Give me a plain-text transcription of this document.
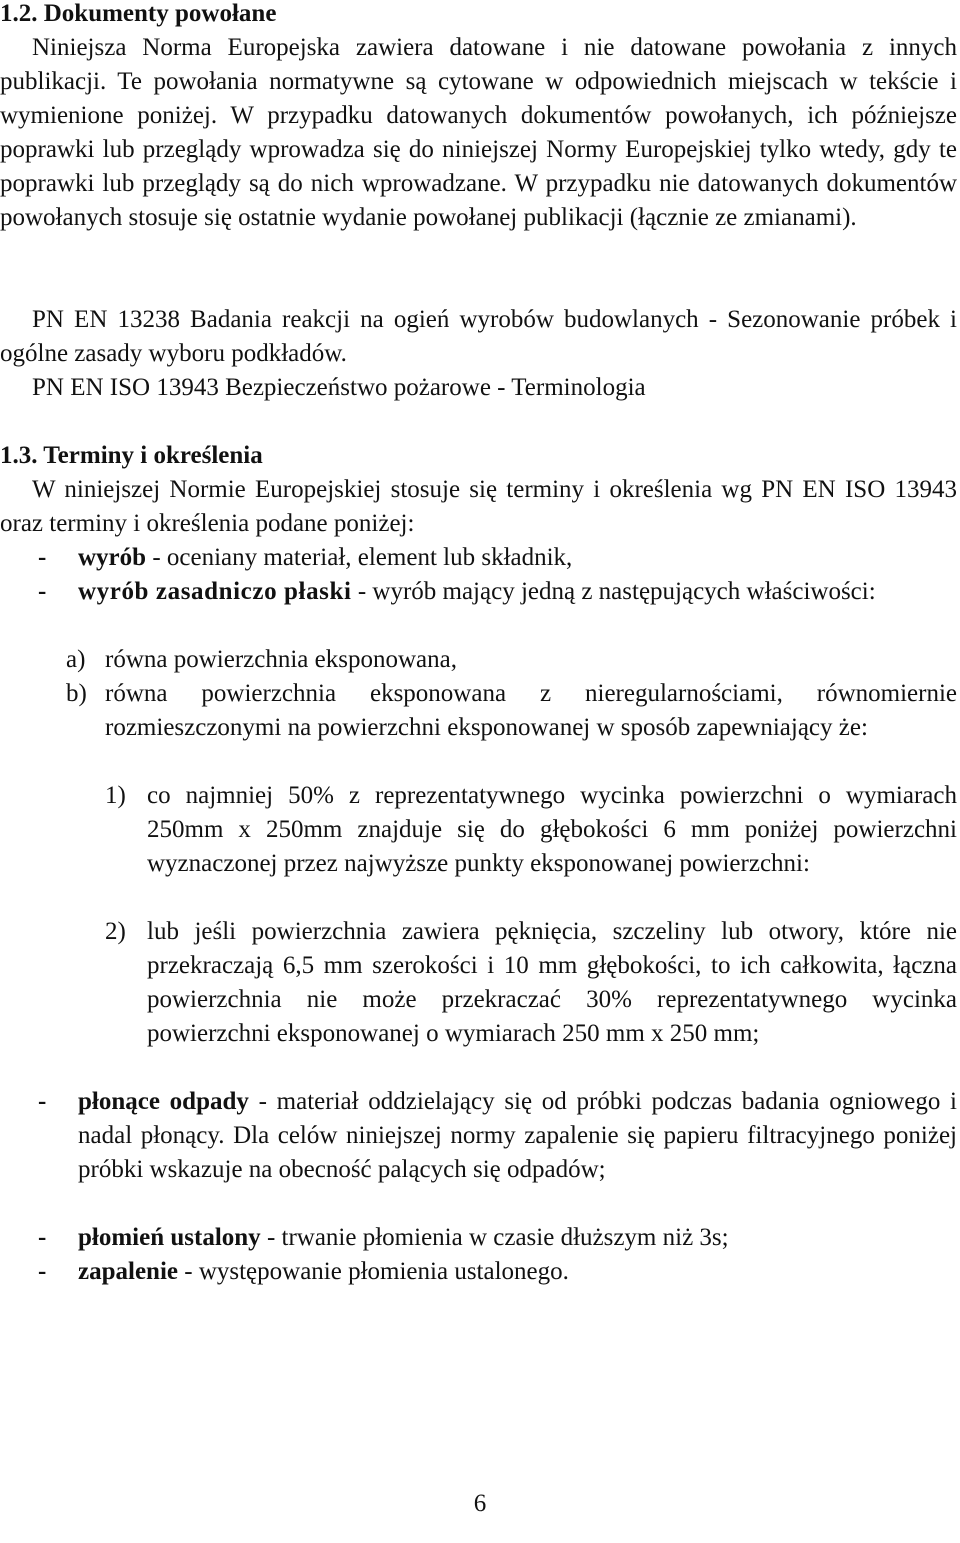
1.2. Dokumenty powołane

Niniejsza Norma Europejska zawiera datowane i nie datowane powołania z innych publikacji. Te powołania normatywne są cytowane w odpowiednich miejscach w tekście i wymienione poniżej. W przypadku datowanych dokumentów powołanych, ich późniejsze poprawki lub przeglądy wprowadza się do niniejszej Normy Europejskiej tylko wtedy, gdy te poprawki lub przeglądy są do nich wprowadzane. W przypadku nie datowanych dokumentów powołanych stosuje się ostatnie wydanie powołanej publikacji (łącznie ze zmianami).

PN EN 13238 Badania reakcji na ogień wyrobów budowlanych - Sezonowanie próbek i ogólne zasady wyboru podkładów.

PN EN ISO 13943 Bezpieczeństwo pożarowe - Terminologia

1.3. Terminy i określenia

W niniejszej Normie Europejskiej stosuje się terminy i określenia wg PN EN ISO 13943 oraz terminy i określenia podane poniżej:

- wyrób - oceniany materiał, element lub składnik,

- wyrób zasadniczo płaski - wyrób mający jedną z następujących właściwości:

a) równa powierzchnia eksponowana,

b) równa powierzchnia eksponowana z nieregularnościami, równomiernie rozmieszczonymi na powierzchni eksponowanej w sposób zapewniający że:

1) co najmniej 50% z reprezentatywnego wycinka powierzchni o wymiarach 250mm x 250mm znajduje się do głębokości 6 mm poniżej powierzchni wyznaczonej przez najwyższe punkty eksponowanej powierzchni:

2) lub jeśli powierzchnia zawiera pęknięcia, szczeliny lub otwory, które nie przekraczają 6,5 mm szerokości i 10 mm głębokości, to ich całkowita, łączna powierzchnia nie może przekraczać 30% reprezentatywnego wycinka powierzchni eksponowanej o wymiarach 250 mm x 250 mm;

- płonące odpady - materiał oddzielający się od próbki podczas badania ogniowego i nadal płonący. Dla celów niniejszej normy zapalenie się papieru filtracyjnego poniżej próbki wskazuje na obecność palących się odpadów;

- płomień ustalony - trwanie płomienia w czasie dłuższym niż 3s;

- zapalenie - występowanie płomienia ustalonego.

6
